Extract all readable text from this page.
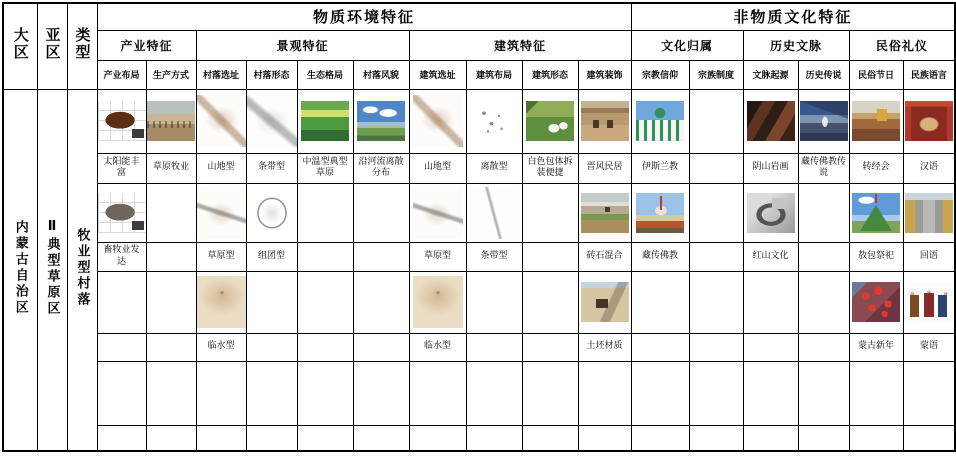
大区	亚区	类型	物质环境特征										非物质文化特征					
			产业特征		景观特征				建筑特征				文化归属		历史文脉		民俗礼仪	
			产业布局	生产方式	村落选址	村落形态	生态格局	村落风貌	建筑选址	建筑布局	建筑形态	建筑装饰	宗教信仰	宗族制度	文脉起源	历史传说	民俗节日	民族语言
内蒙古自治区	Ⅱ典型草原区	牧业型村落	

			太阳能丰富	草原牧业	山地型	条带型	中温型典型草原	沿河流离散分布	山地型	离散型	白色包体拆装便捷	晋风民居	伊斯兰教		阴山岩画	藏传佛教传说	转经会	汉语

			畜牧业发达		草原型	组团型			草原型	条带型		砖石混合	藏传佛教		红山文化		敖包祭祀	回语

					临水型				临水型			土坯材质					蒙古新年	蒙语
